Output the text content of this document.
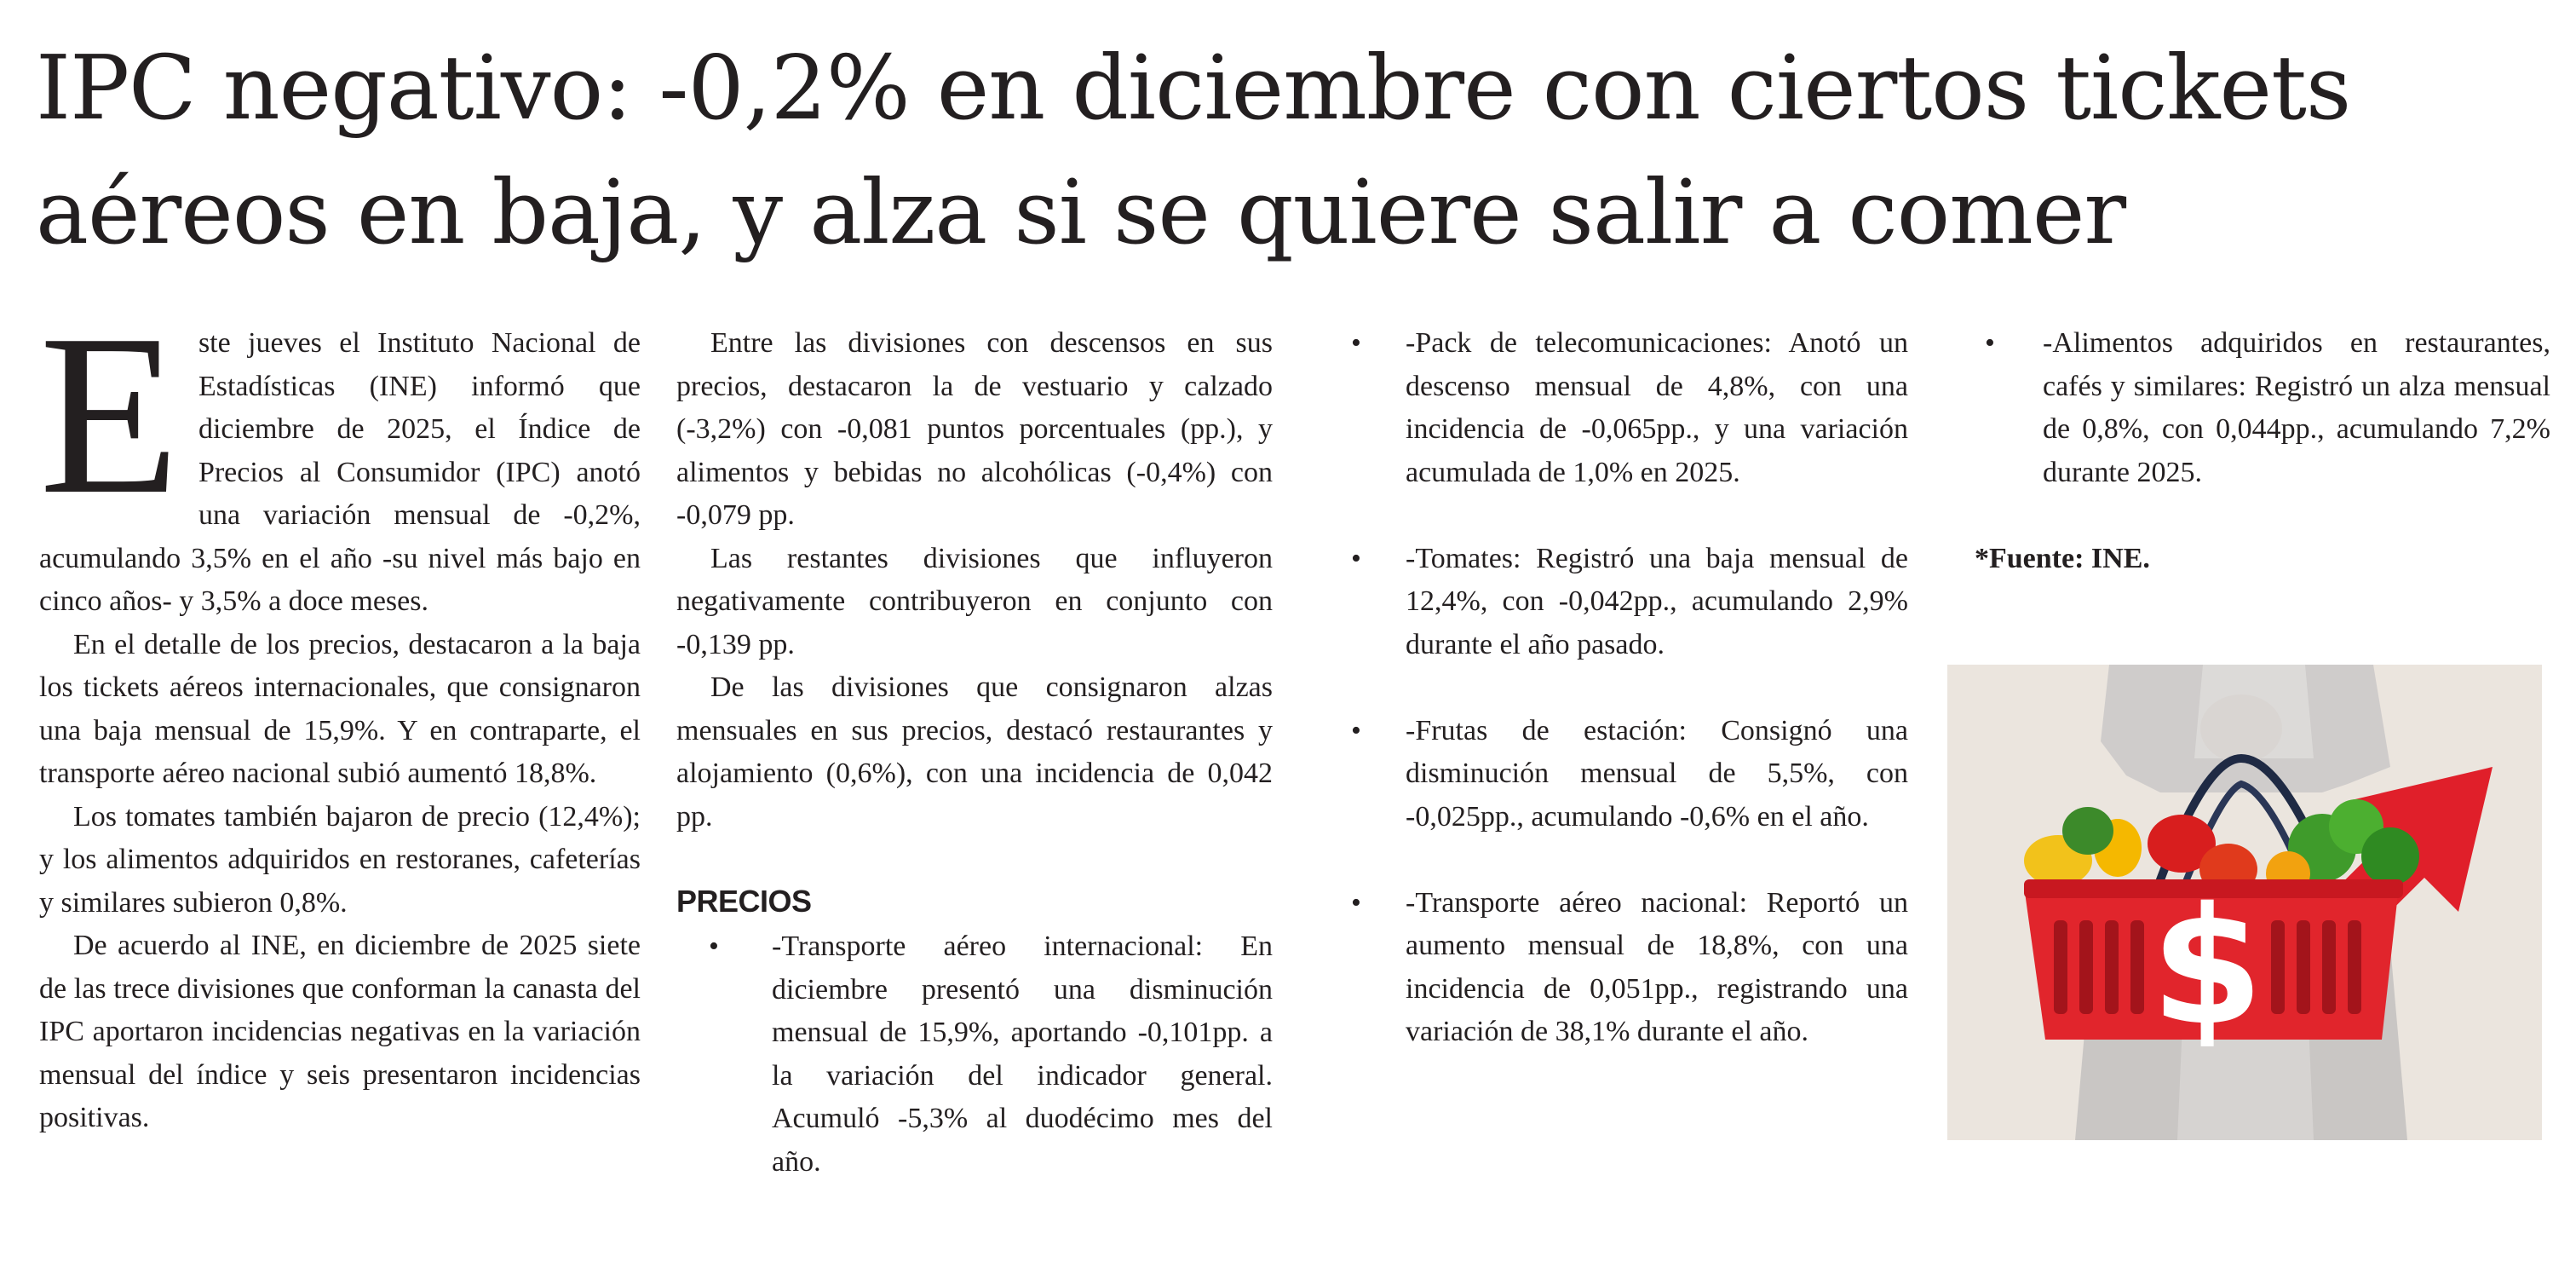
IPC negativo: -0,2% en diciembre con ciertos tickets aéreos en baja, y alza si se quiere salir a comer
E ste jueves el Instituto Nacional de Estadísticas (INE) informó que diciembre de 2025, el Índice de Precios al Consumidor (IPC) anotó una variación mensual de -0,2%, acumulando 3,5% en el año -su nivel más bajo en cinco años- y 3,5% a doce meses.

En el detalle de los precios, destacaron a la baja los tickets aéreos internacionales, que consignaron una baja mensual de 15,9%. Y en contraparte, el transporte aéreo nacional subió aumentó 18,8%.

Los tomates también bajaron de precio (12,4%); y los alimentos adquiridos en restoranes, cafeterías y similares subieron 0,8%.

De acuerdo al INE, en diciembre de 2025 siete de las trece divisiones que conforman la canasta del IPC aportaron incidencias negativas en la variación mensual del índice y seis presentaron incidencias positivas.

Entre las divisiones con descensos en sus precios, destacaron la de vestuario y calzado (-3,2%) con -0,081 puntos porcentuales (pp.), y alimentos y bebidas no alcohólicas (-0,4%) con -0,079 pp.

Las restantes divisiones que influyeron negativamente contribuyeron en conjunto con -0,139 pp.

De las divisiones que consignaron alzas mensuales en sus precios, destacó restaurantes y alojamiento (0,6%), con una incidencia de 0,042 pp.

PRECIOS
• -Transporte aéreo internacional: En diciembre presentó una disminución mensual de 15,9%, aportando -0,101pp. a la variación del indicador general. Acumuló -5,3% al duodécimo mes del año.
• -Pack de telecomunicaciones: Anotó un descenso mensual de 4,8%, con una incidencia de -0,065pp., y una variación acumulada de 1,0% en 2025.
• -Tomates: Registró una baja mensual de 12,4%, con -0,042pp., acumulando 2,9% durante el año pasado.
• -Frutas de estación: Consignó una disminución mensual de 5,5%, con -0,025pp., acumulando -0,6% en el año.
• -Transporte aéreo nacional: Reportó un aumento mensual de 18,8%, con una incidencia de 0,051pp., registrando una variación de 38,1% durante el año.
• -Alimentos adquiridos en restaurantes, cafés y similares: Registró un alza mensual de 0,8%, con 0,044pp., acumulando 7,2% durante 2025.

*Fuente: INE.

$
